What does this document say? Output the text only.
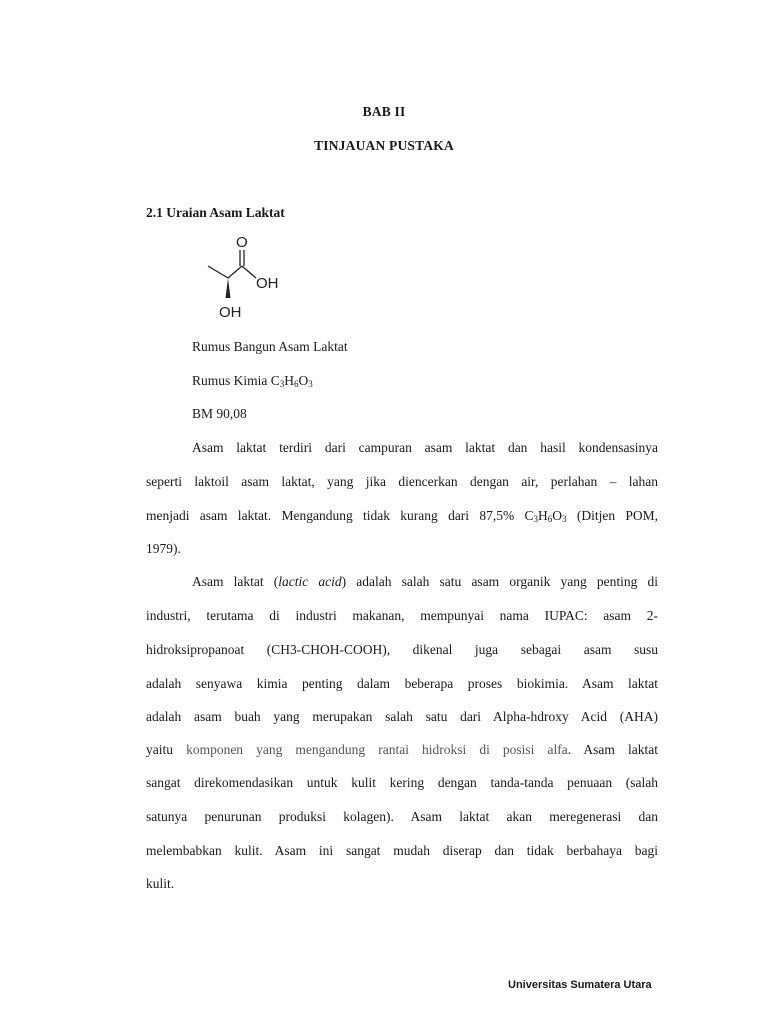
BAB II
TINJAUAN PUSTAKA
2.1 Uraian Asam Laktat
O
OH
OH
Rumus Bangun Asam Laktat
Rumus Kimia $C_3H_6O_3$
BM 90,08
Asam laktat terdiri dari campuran asam laktat dan hasil kondensasinya
seperti laktoil asam laktat, yang jika diencerkan dengan air, perlahan – lahan
menjadi asam laktat. Mengandung tidak kurang dari 87,5% $C_3H_6O_3$ (Ditjen POM,
1979).
Asam laktat (lactic acid) adalah salah satu asam organik yang penting di
industri, terutama di industri makanan, mempunyai nama IUPAC: asam 2-
hidroksipropanoat (CH3-CHOH-COOH), dikenal juga sebagai asam susu
adalah senyawa kimia penting dalam beberapa proses biokimia. Asam laktat
adalah asam buah yang merupakan salah satu dari Alpha-hdroxy Acid (AHA)
yaitu komponen yang mengandung rantai hidroksi di posisi alfa. Asam laktat
sangat direkomendasikan untuk kulit kering dengan tanda-tanda penuaan (salah
satunya penurunan produksi kolagen). Asam laktat akan meregenerasi dan
melembabkan kulit. Asam ini sangat mudah diserap dan tidak berbahaya bagi
kulit.
Universitas Sumatera Utara
